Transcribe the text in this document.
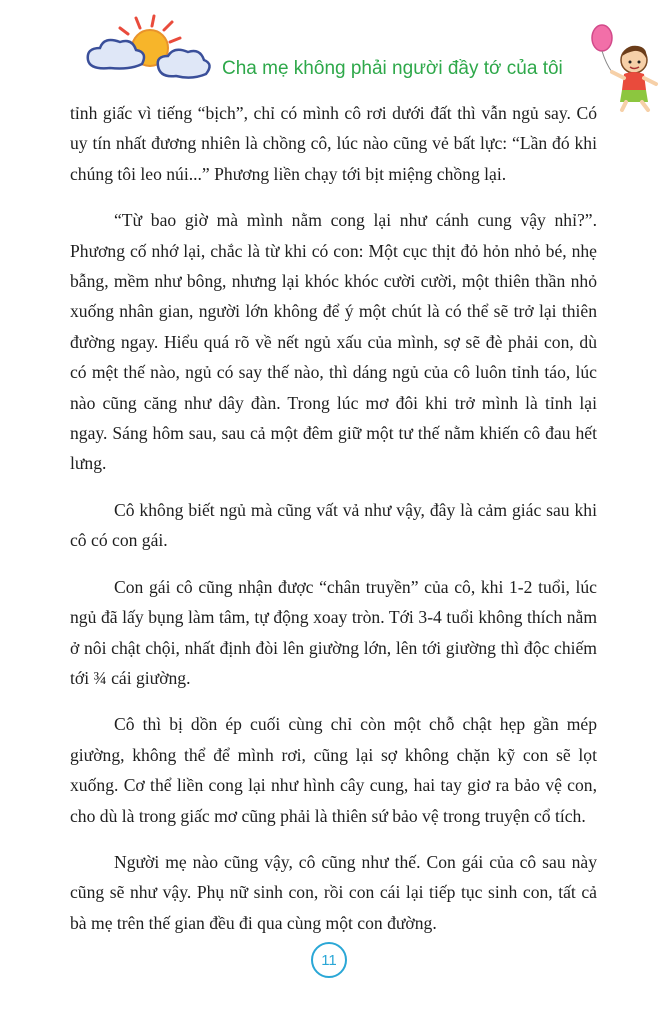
Cha mẹ không phải người đầy tớ của tôi

tỉnh giấc vì tiếng “bịch”, chỉ có mình cô rơi dưới đất thì vẫn ngủ say. Có uy tín nhất đương nhiên là chồng cô, lúc nào cũng vẻ bất lực: “Lần đó khi chúng tôi leo núi...” Phương liền chạy tới bịt miệng chồng lại.

“Từ bao giờ mà mình nằm cong lại như cánh cung vậy nhỉ?”. Phương cố nhớ lại, chắc là từ khi có con: Một cục thịt đỏ hỏn nhỏ bé, nhẹ bẫng, mềm như bông, nhưng lại khóc khóc cười cười, một thiên thần nhỏ xuống nhân gian, người lớn không để ý một chút là có thể sẽ trở lại thiên đường ngay. Hiểu quá rõ về nết ngủ xấu của mình, sợ sẽ đè phải con, dù có mệt thế nào, ngủ có say thế nào, thì dáng ngủ của cô luôn tỉnh táo, lúc nào cũng căng như dây đàn. Trong lúc mơ đôi khi trở mình là tỉnh lại ngay. Sáng hôm sau, sau cả một đêm giữ một tư thế nằm khiến cô đau hết lưng.

Cô không biết ngủ mà cũng vất vả như vậy, đây là cảm giác sau khi cô có con gái.

Con gái cô cũng nhận được “chân truyền” của cô, khi 1-2 tuổi, lúc ngủ đã lấy bụng làm tâm, tự động xoay tròn. Tới 3-4 tuổi không thích nằm ở nôi chật chội, nhất định đòi lên giường lớn, lên tới giường thì độc chiếm tới ¾ cái giường.

Cô thì bị dồn ép cuối cùng chỉ còn một chỗ chật hẹp gần mép giường, không thể để mình rơi, cũng lại sợ không chặn kỹ con sẽ lọt xuống. Cơ thể liền cong lại như hình cây cung, hai tay giơ ra bảo vệ con, cho dù là trong giấc mơ cũng phải là thiên sứ bảo vệ trong truyện cổ tích.

Người mẹ nào cũng vậy, cô cũng như thế. Con gái của cô sau này cũng sẽ như vậy. Phụ nữ sinh con, rồi con cái lại tiếp tục sinh con, tất cả bà mẹ trên thế gian đều đi qua cùng một con đường.

11
